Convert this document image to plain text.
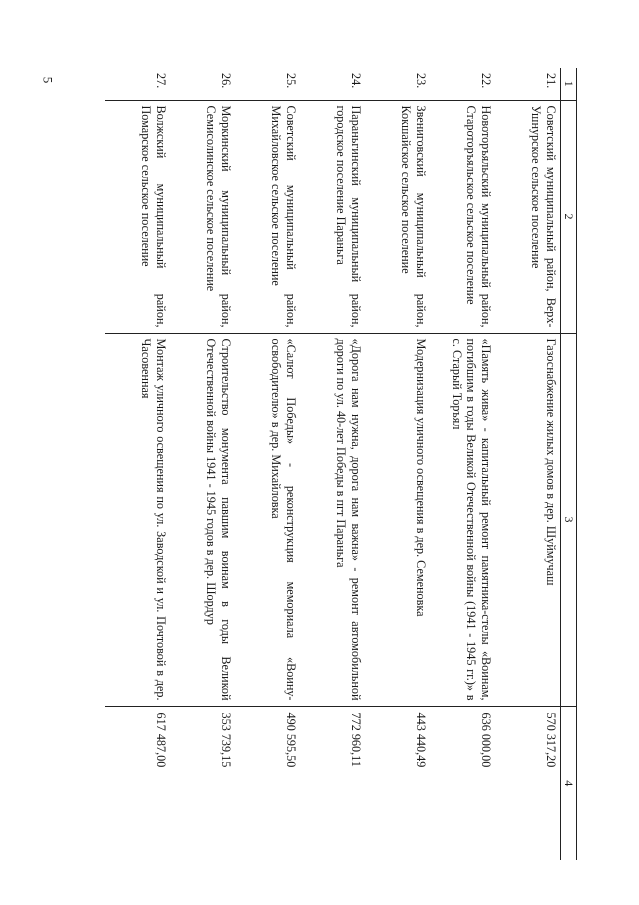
5
1	2	3	4
21.	Советский муниципальный район, Верх-Ушнурское сельское поселение	Газоснабжение жилых домов в дер. Шуймучаш	570 317,20
22.	Новоторъяльский муниципальный район, Староторъяльское сельское поселение	«Память жива» - капитальный ремонт памятника-стелы «Воинам, погибшим в годы Великой Отечественной войны (1941 - 1945 гг.)» в с. Старый Торъял	636 000,00
23.	Звениговский муниципальный район, Кокшайское сельское поселение	Модернизация уличного освещения в дер. Семеновка	443 440,49
24.	Параньгинский муниципальный район, городское поселение Параньга	«Дорога нам нужна, дорога нам важна» - ремонт автомобильной дороги по ул. 40-лет Победы в пгт Параньга	772 960,11
25.	Советский муниципальный район, Михайловское сельское поселение	«Салют Победы» - реконструкция мемориала «Воину-освободителю» в дер. Михайловка	490 595,50
26.	Моркинский муниципальный район, Семисолинское сельское поселение	Строительство монумента павшим воинам в годы Великой Отечественной войны 1941 - 1945 годов в дер. Шордур	353 739,15
27.	Волжский муниципальный район, Помарское сельское поселение	Монтаж уличного освещения по ул. Заводской и ул. Почтовой в дер. Часовенная	617 487,00
